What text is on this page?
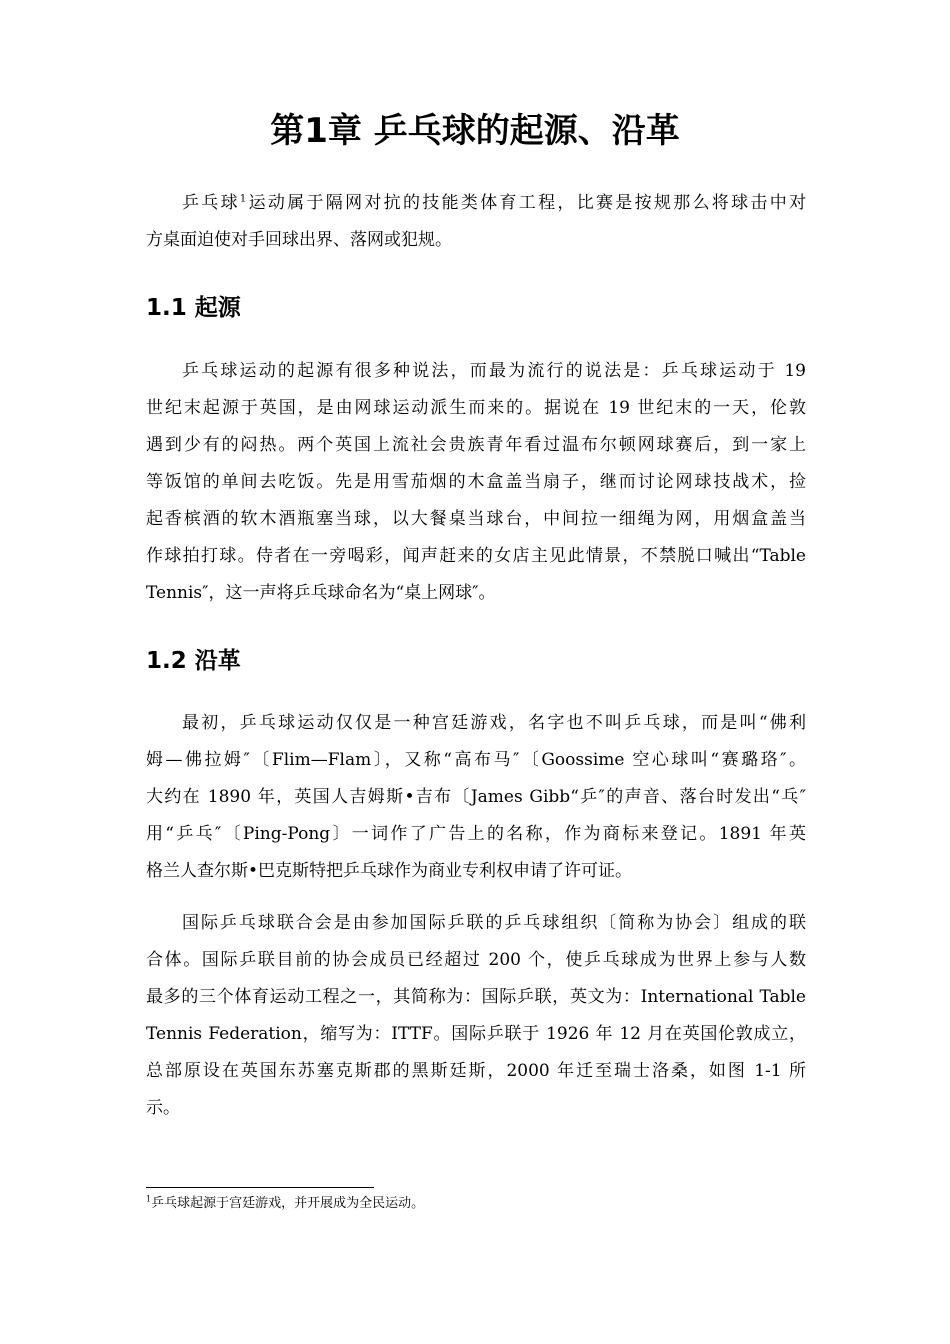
第1章 乒乓球的起源、沿革
乒乓球$^1$运动属于隔网对抗的技能类体育工程，比赛是按规那么将球击中对
方桌面迫使对手回球出界、落网或犯规。
1.1 起源
乒乓球运动的起源有很多种说法，而最为流行的说法是：乒乓球运动于 19
世纪末起源于英国，是由网球运动派生而来的。据说在 19 世纪末的一天，伦敦
遇到少有的闷热。两个英国上流社会贵族青年看过温布尔顿网球赛后，到一家上
等饭馆的单间去吃饭。先是用雪茄烟的木盒盖当扇子，继而讨论网球技战术，捡
起香槟酒的软木酒瓶塞当球，以大餐桌当球台，中间拉一细绳为网，用烟盒盖当
作球拍打球。侍者在一旁喝彩，闻声赶来的女店主见此情景，不禁脱口喊出“Table
Tennis″，这一声将乒乓球命名为“桌上网球″。
1.2 沿革
最初，乒乓球运动仅仅是一种宫廷游戏，名字也不叫乒乓球，而是叫“佛利
姆—佛拉姆″〔Flim—Flam〕，又称“高布马″〔Goossime 空心球叫“赛璐珞″。
大约在 1890 年，英国人吉姆斯•吉布〔James Gibb“乒″的声音、落台时发出“乓″
用“乒乓″〔Ping-Pong〕一词作了广告上的名称，作为商标来登记。1891 年英
格兰人查尔斯•巴克斯特把乒乓球作为商业专利权申请了许可证。
国际乒乓球联合会是由参加国际乒联的乒乓球组织〔简称为协会〕组成的联
合体。国际乒联目前的协会成员已经超过 200 个，使乒乓球成为世界上参与人数
最多的三个体育运动工程之一，其简称为：国际乒联，英文为：International Table
Tennis Federation，缩写为：ITTF。国际乒联于 1926 年 12 月在英国伦敦成立，
总部原设在英国东苏塞克斯郡的黑斯廷斯，2000 年迁至瑞士洛桑，如图 1-1 所
示。

$^1$乒乓球起源于宫廷游戏，并开展成为全民运动。
